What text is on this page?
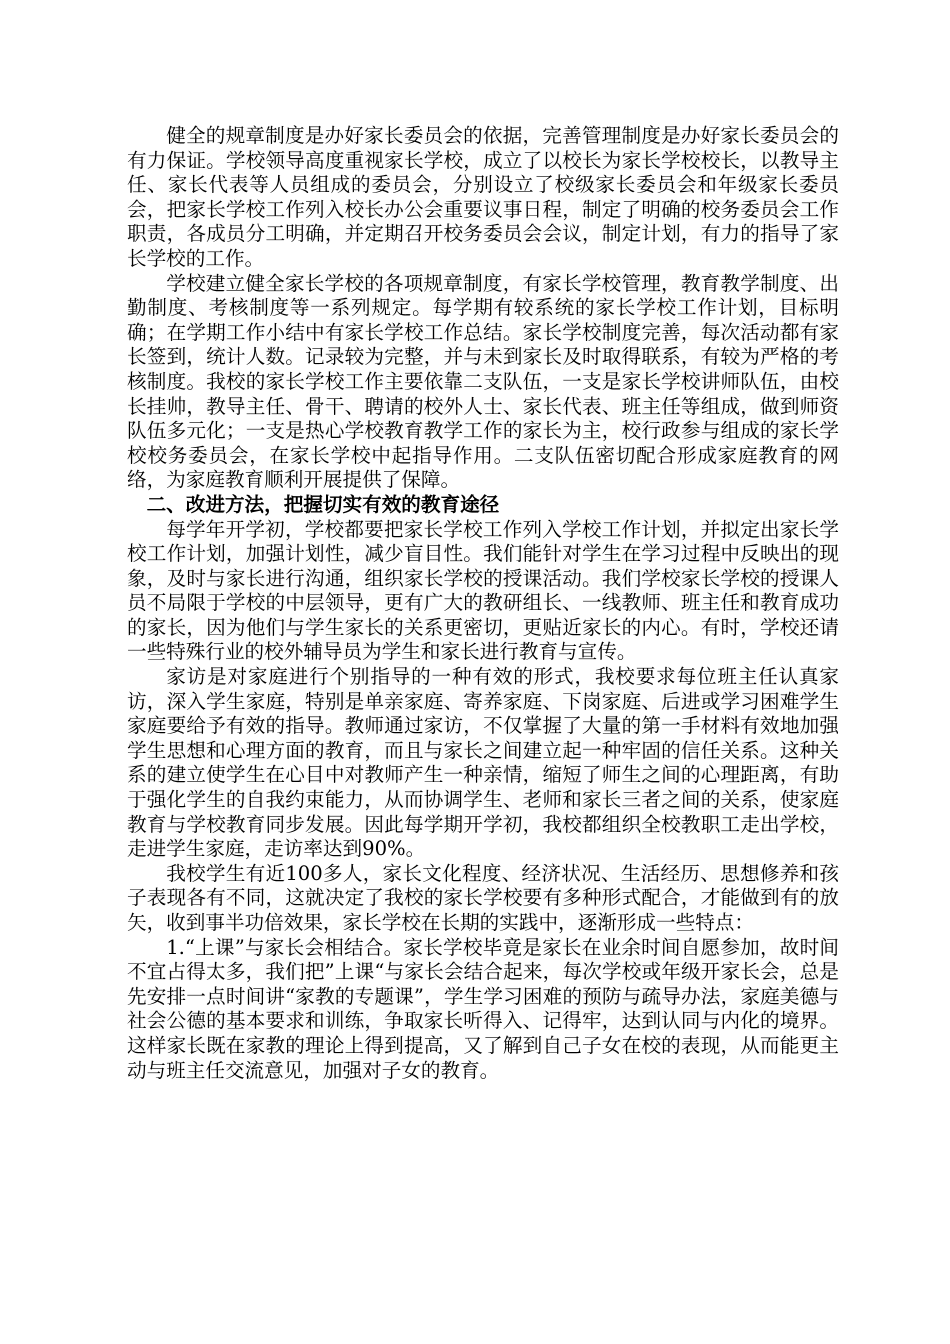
健全的规章制度是办好家长委员会的依据，完善管理制度是办好家长委员会的有力保证。学校领导高度重视家长学校，成立了以校长为家长学校校长，以教导主任、家长代表等人员组成的委员会，分别设立了校级家长委员会和年级家长委员会，把家长学校工作列入校长办公会重要议事日程，制定了明确的校务委员会工作职责，各成员分工明确，并定期召开校务委员会会议，制定计划，有力的指导了家长学校的工作。

学校建立健全家长学校的各项规章制度，有家长学校管理，教育教学制度、出勤制度、考核制度等一系列规定。每学期有较系统的家长学校工作计划，目标明确；在学期工作小结中有家长学校工作总结。家长学校制度完善，每次活动都有家长签到，统计人数。记录较为完整，并与未到家长及时取得联系，有较为严格的考核制度。我校的家长学校工作主要依靠二支队伍，一支是家长学校讲师队伍，由校长挂帅，教导主任、骨干、聘请的校外人士、家长代表、班主任等组成，做到师资队伍多元化；一支是热心学校教育教学工作的家长为主，校行政参与组成的家长学校校务委员会，在家长学校中起指导作用。二支队伍密切配合形成家庭教育的网络，为家庭教育顺利开展提供了保障。

二、改进方法，把握切实有效的教育途径

每学年开学初，学校都要把家长学校工作列入学校工作计划，并拟定出家长学校工作计划，加强计划性，减少盲目性。我们能针对学生在学习过程中反映出的现象，及时与家长进行沟通，组织家长学校的授课活动。我们学校家长学校的授课人员不局限于学校的中层领导，更有广大的教研组长、一线教师、班主任和教育成功的家长，因为他们与学生家长的关系更密切，更贴近家长的内心。有时，学校还请一些特殊行业的校外辅导员为学生和家长进行教育与宣传。

家访是对家庭进行个别指导的一种有效的形式，我校要求每位班主任认真家访，深入学生家庭，特别是单亲家庭、寄养家庭、下岗家庭、后进或学习困难学生家庭要给予有效的指导。教师通过家访，不仅掌握了大量的第一手材料有效地加强学生思想和心理方面的教育，而且与家长之间建立起一种牢固的信任关系。这种关系的建立使学生在心目中对教师产生一种亲情，缩短了师生之间的心理距离，有助于强化学生的自我约束能力，从而协调学生、老师和家长三者之间的关系，使家庭教育与学校教育同步发展。因此每学期开学初，我校都组织全校教职工走出学校，走进学生家庭，走访率达到90%。

我校学生有近100多人，家长文化程度、经济状况、生活经历、思想修养和孩子表现各有不同，这就决定了我校的家长学校要有多种形式配合，才能做到有的放矢，收到事半功倍效果，家长学校在长期的实践中，逐渐形成一些特点：

1.“上课”与家长会相结合。家长学校毕竟是家长在业余时间自愿参加，故时间不宜占得太多，我们把”上课“与家长会结合起来，每次学校或年级开家长会，总是先安排一点时间讲“家教的专题课”，学生学习困难的预防与疏导办法，家庭美德与社会公德的基本要求和训练，争取家长听得入、记得牢，达到认同与内化的境界。这样家长既在家教的理论上得到提高，又了解到自己子女在校的表现，从而能更主动与班主任交流意见，加强对子女的教育。
